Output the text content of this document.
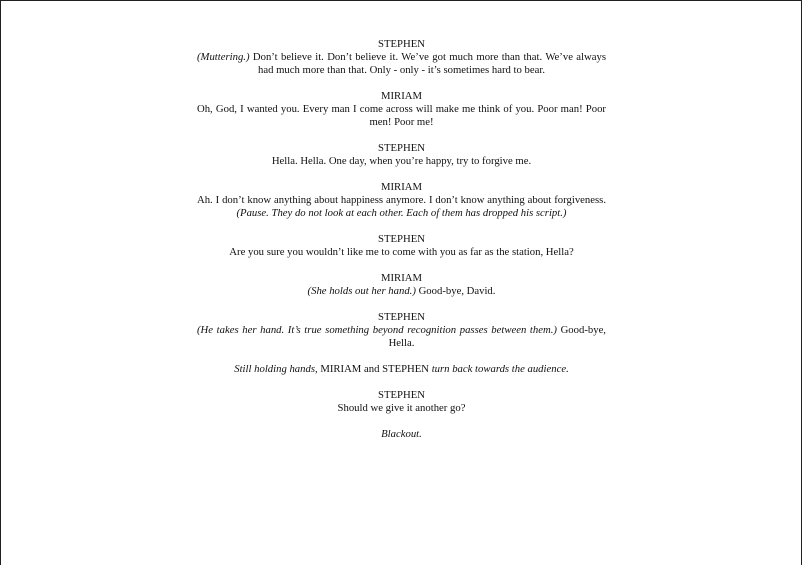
STEPHEN
(Muttering.) Don’t believe it. Don’t believe it. We’ve got much more than that. We’ve always had much more than that. Only - only - it’s sometimes hard to bear.
MIRIAM
Oh, God, I wanted you. Every man I come across will make me think of you. Poor man! Poor men! Poor me!
STEPHEN
Hella. Hella. One day, when you’re happy, try to forgive me.
MIRIAM
Ah. I don’t know anything about happiness anymore. I don’t know anything about forgiveness. (Pause. They do not look at each other. Each of them has dropped his script.)
STEPHEN
Are you sure you wouldn’t like me to come with you as far as the station, Hella?
MIRIAM
(She holds out her hand.) Good-bye, David.
STEPHEN
(He takes her hand. It’s true something beyond recognition passes between them.) Good-bye, Hella.
Still holding hands, MIRIAM and STEPHEN turn back towards the audience.
STEPHEN
Should we give it another go?
Blackout.
